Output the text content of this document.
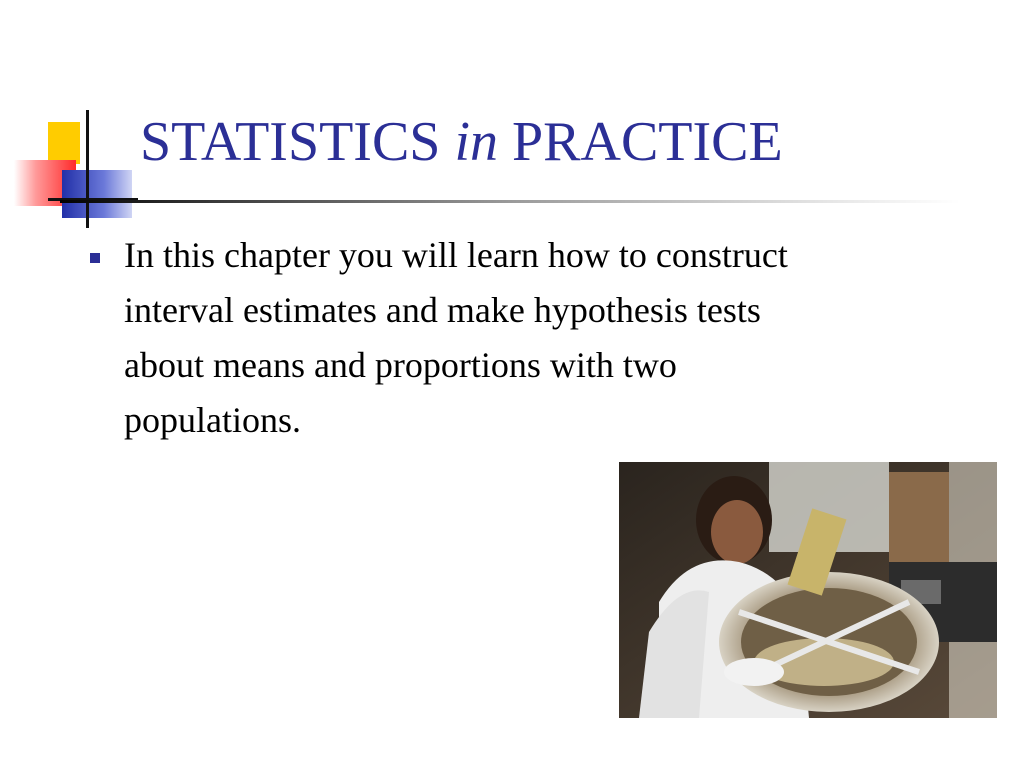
STATISTICS in PRACTICE
In this chapter you will learn how to construct interval estimates and make hypothesis tests about means and proportions with two populations.
